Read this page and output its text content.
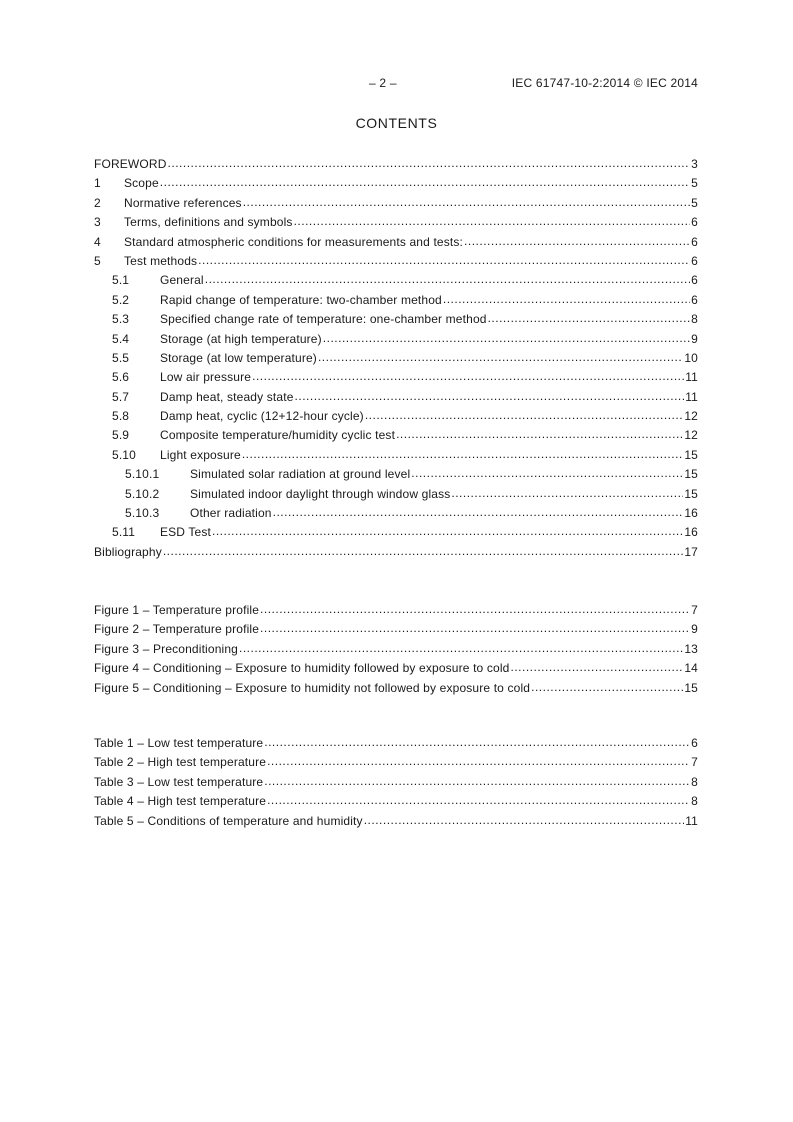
– 2 –	IEC 61747-10-2:2014 © IEC 2014
CONTENTS
FOREWORD .....	3
1	Scope .....	5
2	Normative references .....	5
3	Terms, definitions and symbols .....	6
4	Standard atmospheric conditions for measurements and tests: .....	6
5	Test methods .....	6
5.1	General .....	6
5.2	Rapid change of temperature: two-chamber method .....	6
5.3	Specified change rate of temperature: one-chamber method .....	8
5.4	Storage (at high temperature) .....	9
5.5	Storage (at low temperature) .....	10
5.6	Low air pressure .....	11
5.7	Damp heat, steady state .....	11
5.8	Damp heat, cyclic (12+12-hour cycle) .....	12
5.9	Composite temperature/humidity cyclic test .....	12
5.10	Light exposure .....	15
5.10.1	Simulated solar radiation at ground level .....	15
5.10.2	Simulated indoor daylight through window glass .....	15
5.10.3	Other radiation .....	16
5.11	ESD Test .....	16
Bibliography .....	17
Figure 1 – Temperature profile .....	7
Figure 2 – Temperature profile .....	9
Figure 3 – Preconditioning .....	13
Figure 4 – Conditioning – Exposure to humidity followed by exposure to cold .....	14
Figure 5 – Conditioning – Exposure to humidity not followed by exposure to cold .....	15
Table 1 – Low test temperature .....	6
Table 2 – High test temperature .....	7
Table 3 – Low test temperature .....	8
Table 4 – High test temperature .....	8
Table 5 – Conditions of temperature and humidity .....	11
